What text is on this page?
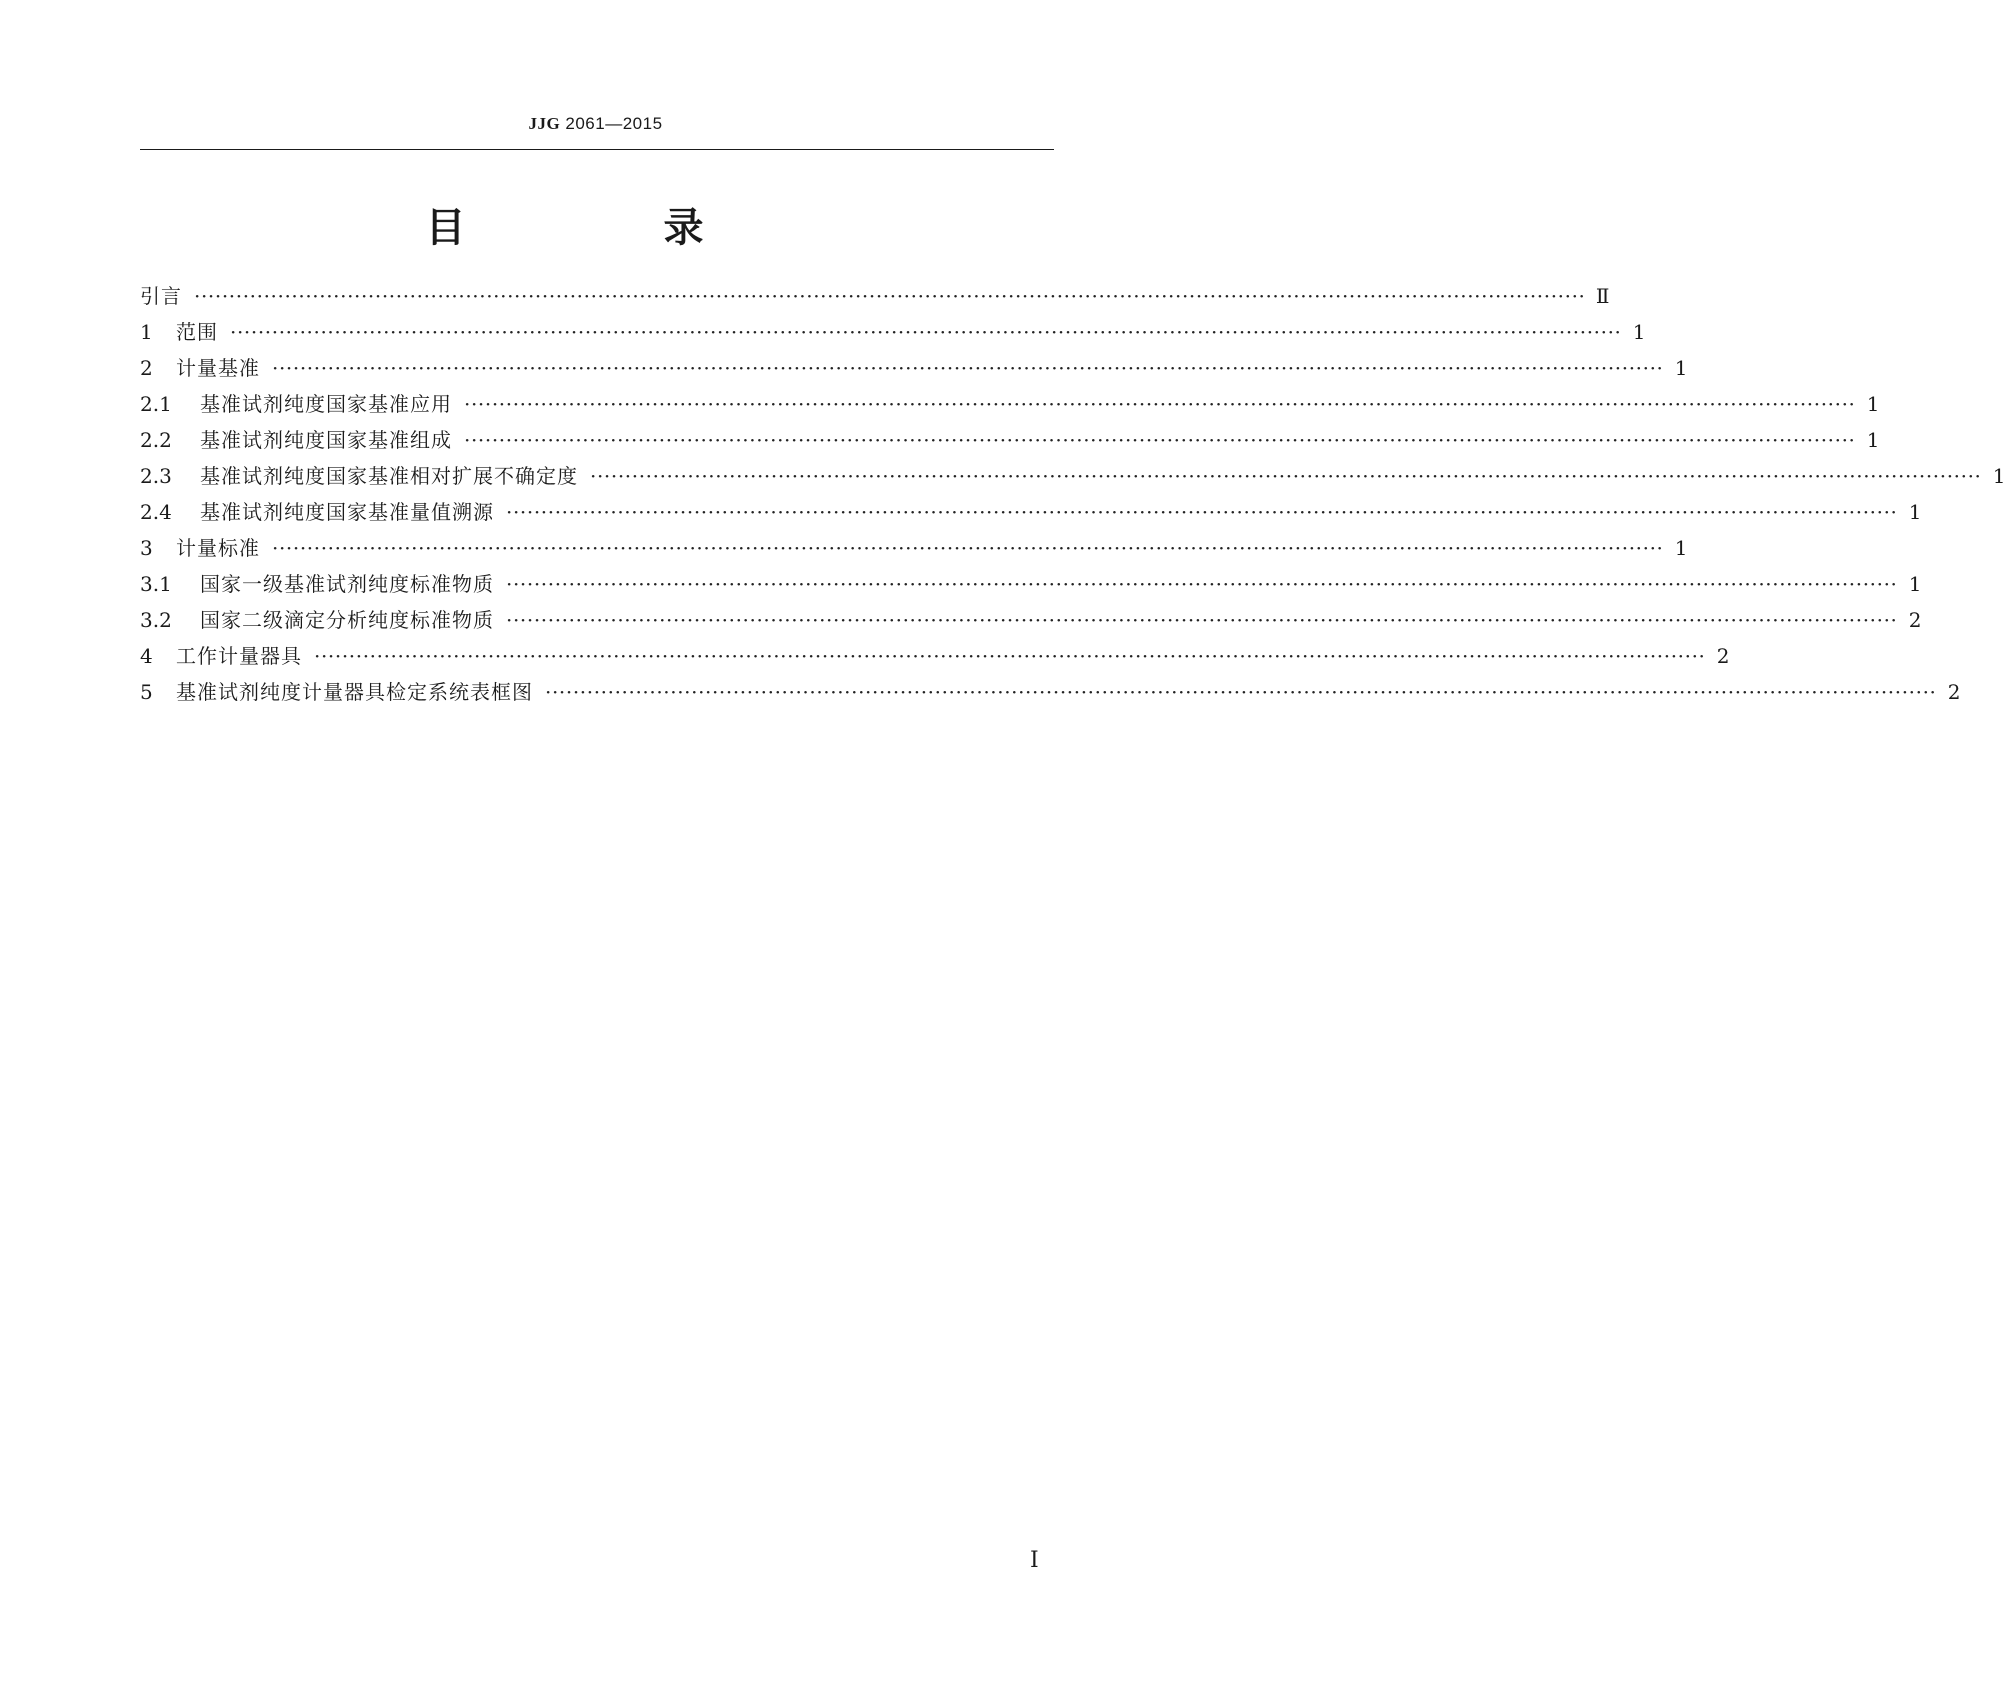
JJG 2061—2015
目 录
引言 ········································································································································································································ Ⅱ
1	范围 ········································································································································································································ 1
2	计量基准 ········································································································································································································ 1
2.1	基准试剂纯度国家基准应用 ········································································································································································································ 1
2.2	基准试剂纯度国家基准组成 ········································································································································································································ 1
2.3	基准试剂纯度国家基准相对扩展不确定度 ········································································································································································································ 1
2.4	基准试剂纯度国家基准量值溯源 ········································································································································································································ 1
3	计量标准 ········································································································································································································ 1
3.1	国家一级基准试剂纯度标准物质 ········································································································································································································ 1
3.2	国家二级滴定分析纯度标准物质 ········································································································································································································ 2
4	工作计量器具 ········································································································································································································ 2
5	基准试剂纯度计量器具检定系统表框图 ········································································································································································································ 2
Ⅰ
